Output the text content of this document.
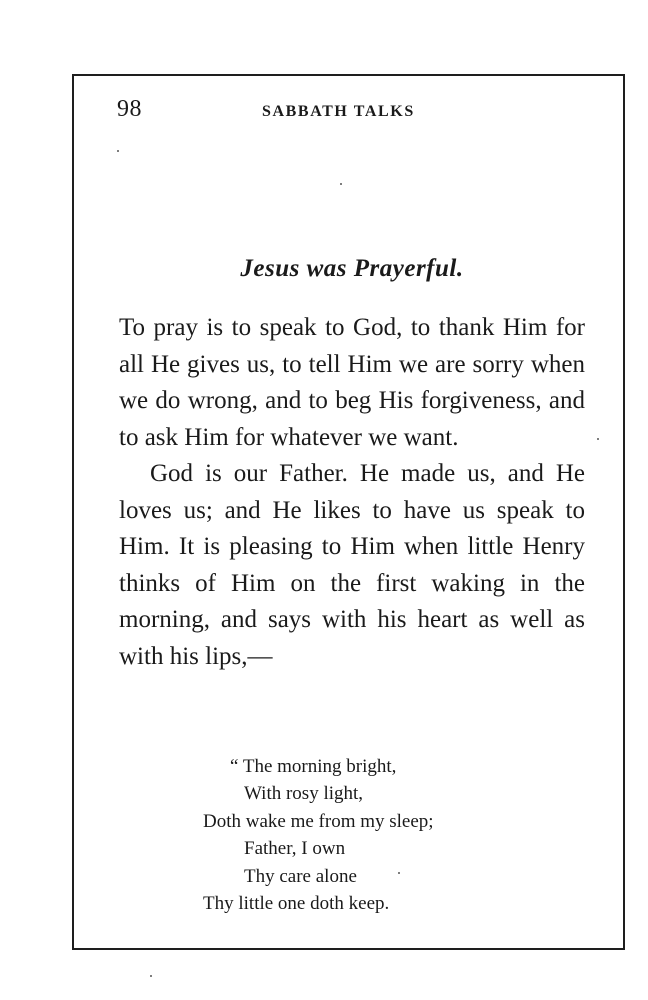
98	SABBATH TALKS
Jesus was Prayerful.

To pray is to speak to God, to thank Him for all He gives us, to tell Him we are sorry when we do wrong, and to beg His forgiveness, and to ask Him for whatever we want.

God is our Father. He made us, and He loves us; and He likes to have us speak to Him. It is pleasing to Him when little Henry thinks of Him on the first waking in the morning, and says with his heart as well as with his lips,—

“ The morning bright,
With rosy light,
Doth wake me from my sleep;
Father, I own
Thy care alone
Thy little one doth keep.
